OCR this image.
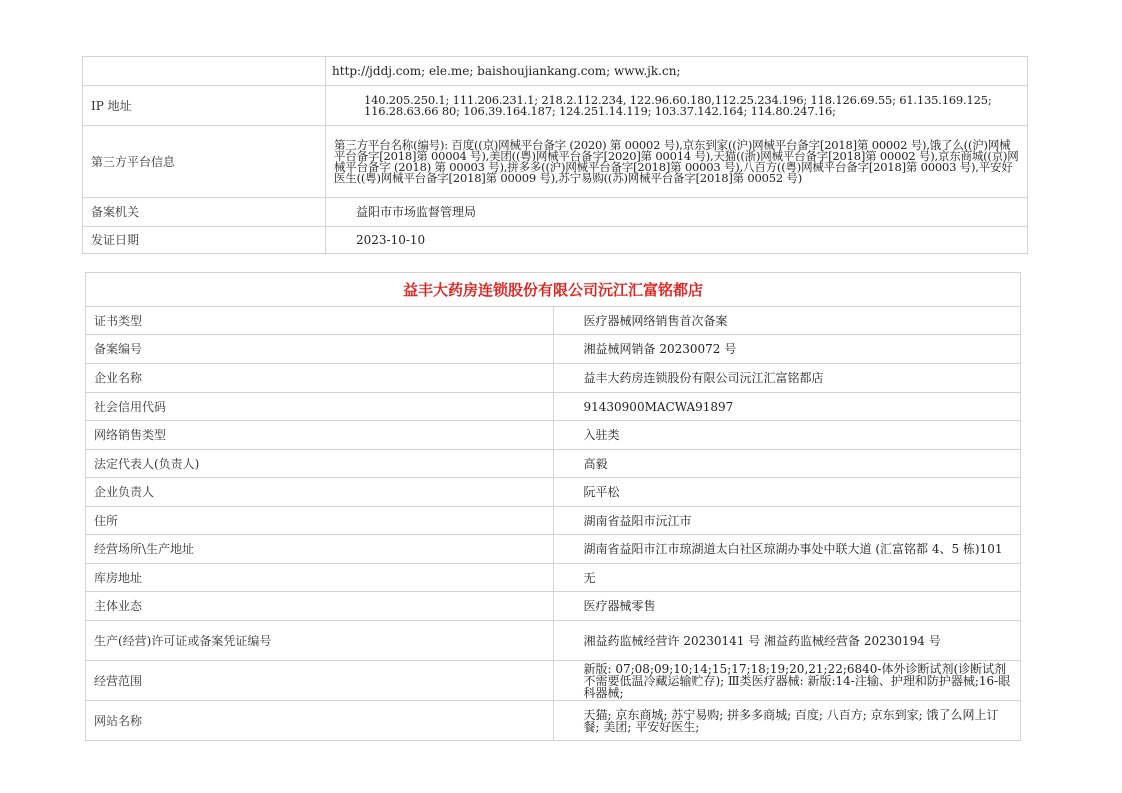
	http://jddj.com; ele.me; baishoujiankang.com; www.jk.cn;
IP 地址	140.205.250.1; 111.206.231.1; 218.2.112.234, 122.96.60.180,112.25.234.196; 118.126.69.55; 61.135.169.125; 116.28.63.66 80; 106.39.164.187; 124.251.14.119; 103.37.142.164; 114.80.247.16;
第三方平台信息	第三方平台名称(编号): 百度((京)网械平台备字 (2020) 第 00002 号),京东到家((沪)网械平台备字[2018]第 00002 号),饿了么((沪)网械平台备字[2018]第 00004 号),美团((粤)网械平台备字[2020]第 00014 号),天猫((浙)网械平台备字[2018]第 00002 号),京东商城((京)网械平台备字 (2018) 第 00003 号),拼多多((沪)网械平台备字[2018]第 00003 号),八百方((粤)网械平台备字[2018]第 00003 号),平安好医生((粤)网械平台备字[2018]第 00009 号),苏宁易购((苏)网械平台备字[2018]第 00052 号)
备案机关	益阳市市场监督管理局
发证日期	2023-10-10
益丰大药房连锁股份有限公司沅江汇富铭都店	
证书类型	医疗器械网络销售首次备案
备案编号	湘益械网销备 20230072 号
企业名称	益丰大药房连锁股份有限公司沅江汇富铭都店
社会信用代码	91430900MACWA91897
网络销售类型	入驻类
法定代表人(负责人)	高毅
企业负责人	阮平松
住所	湖南省益阳市沅江市
经营场所\生产地址	湖南省益阳市江市琼湖道太白社区琼湖办事处中联大道 (汇富铭都 4、5 栋)101
库房地址	无
主体业态	医疗器械零售
生产(经营)许可证或备案凭证编号	湘益药监械经营许 20230141 号 湘益药监械经营备 20230194 号
经营范围	新版: 07;08;09;10;14;15;17;18;19;20,21;22;6840-体外诊断试剂(诊断试剂不需要低温冷藏运输贮存); Ⅲ类医疗器械: 新版:14-注输、护理和防护器械;16-眼科器械;
网站名称	天猫; 京东商城; 苏宁易购; 拼多多商城; 百度; 八百方; 京东到家; 饿了么网上订餐; 美团; 平安好医生;
